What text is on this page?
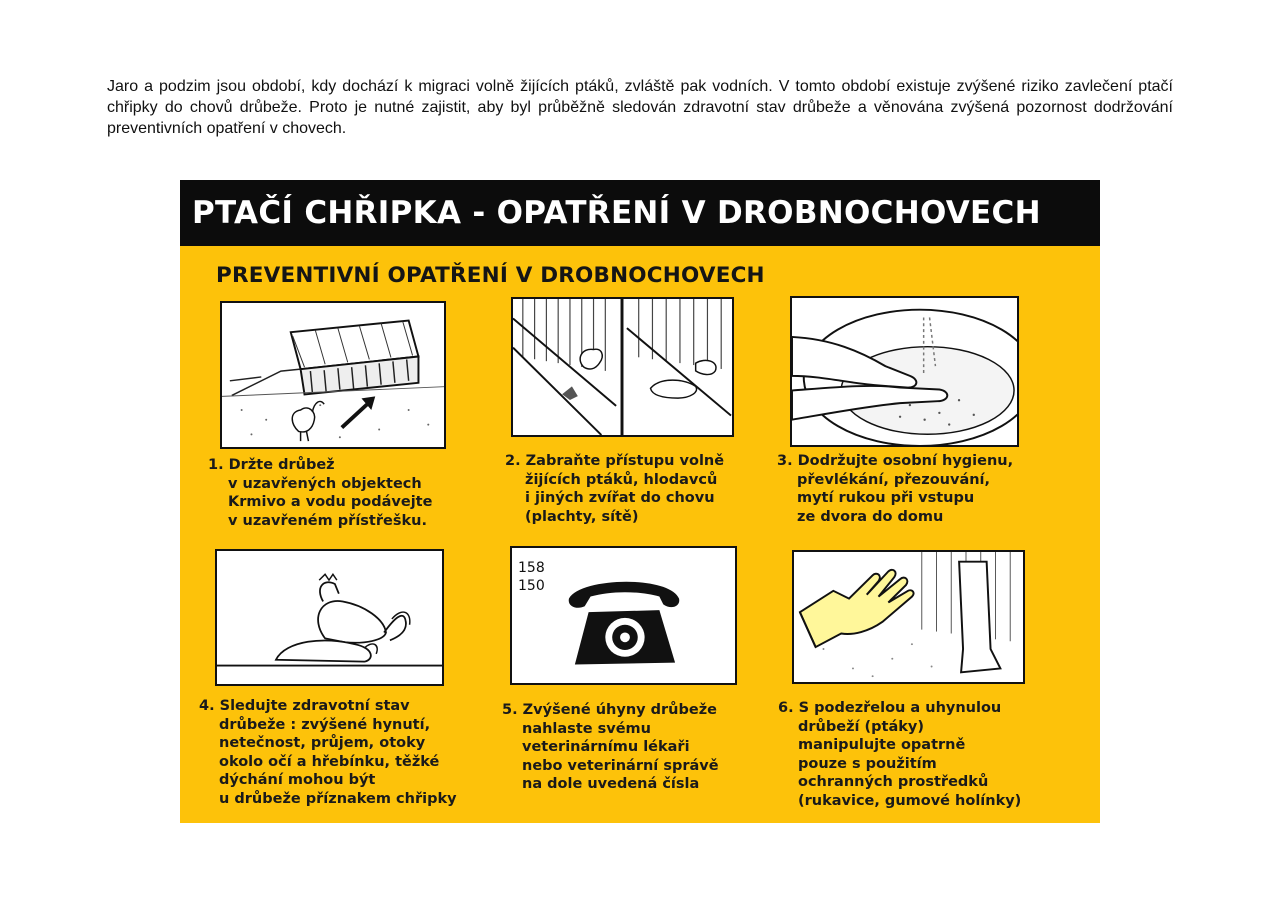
Jaro a podzim jsou období, kdy dochází k migraci volně žijících ptáků, zvláště pak vodních. V tomto období existuje zvýšené riziko zavlečení ptačí chřipky do chovů drůbeže. Proto je nutné zajistit, aby byl průběžně sledován zdravotní stav drůbeže a věnována zvýšená pozornost dodržování preventivních opatření v chovech.

PTAČÍ CHŘIPKA - OPATŘENÍ V DROBNOCHOVECH
PREVENTIVNÍ OPATŘENÍ V DROBNOCHOVECH
158
150
1. Držte drůbež
v uzavřených objektech
Krmivo a vodu podávejte
v uzavřeném přístřešku.
2. Zabraňte přístupu volně
žijících ptáků, hlodavců
i jiných zvířat do chovu
(plachty, sítě)
3. Dodržujte osobní hygienu,
převlékání, přezouvání,
mytí rukou při vstupu
ze dvora do domu
4. Sledujte zdravotní stav
drůbeže : zvýšené hynutí,
netečnost, průjem, otoky
okolo očí a hřebínku, těžké
dýchání mohou být
u drůbeže příznakem chřipky
5. Zvýšené úhyny drůbeže
nahlaste svému
veterinárnímu lékaři
nebo veterinární správě
na dole uvedená čísla
6. S podezřelou a uhynulou
drůbeží (ptáky)
manipulujte opatrně
pouze s použitím
ochranných prostředků
(rukavice, gumové holínky)
